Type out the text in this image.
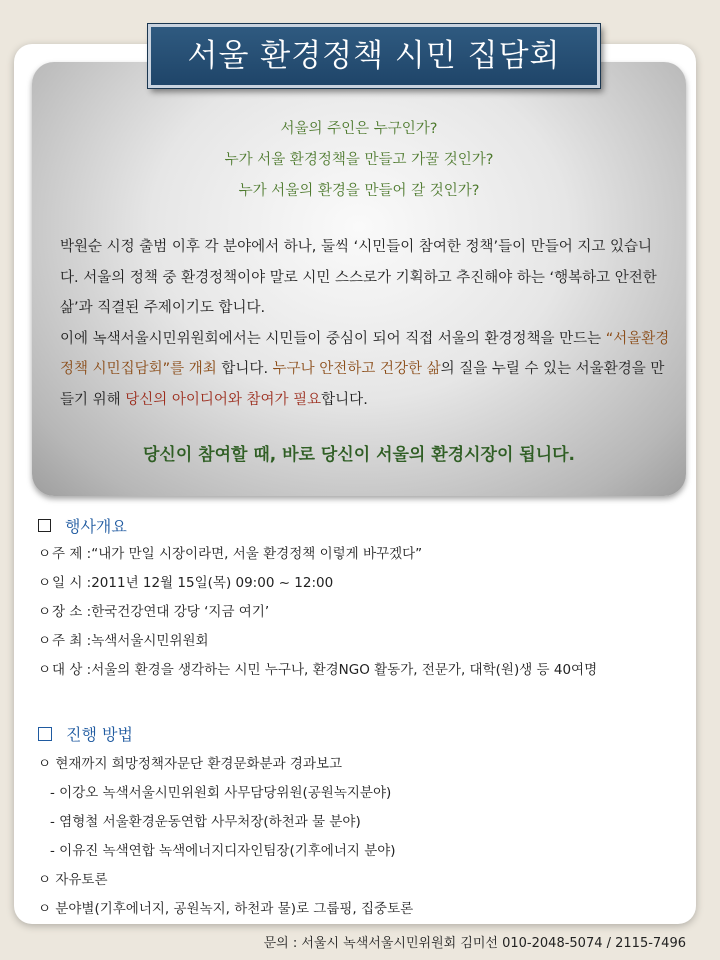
서울 환경정책 시민 집담회
서울의 주인은 누구인가?
누가 서울 환경정책을 만들고 가꿀 것인가?
누가 서울의 환경을 만들어 갈 것인가?

박원순 시정 출범 이후 각 분야에서 하나, 둘씩 ‘시민들이 참여한 정책’들이 만들어 지고 있습니다. 서울의 정책 중 환경정책이야 말로 시민 스스로가 기획하고 추진해야 하는 ‘행복하고 안전한 삶’과 직결된 주제이기도 합니다.

이에 녹색서울시민위원회에서는 시민들이 중심이 되어 직접 서울의 환경정책을 만드는 “서울환경정책 시민집담회”를 개최 합니다. 누구나 안전하고 건강한 삶의 질을 누릴 수 있는 서울환경을 만들기 위해 당신의 아이디어와 참여가 필요합니다.

당신이 참여할 때, 바로 당신이 서울의 환경시장이 됩니다.
행사개요
ㅇ 주 제 : “내가 만일 시장이라면, 서울 환경정책 이렇게 바꾸겠다”
ㅇ 일 시 : 2011년 12월 15일(목) 09:00 ~ 12:00
ㅇ 장 소 : 한국건강연대 강당 ‘지금 여기’
ㅇ 주 최 : 녹색서울시민위원회
ㅇ 대 상 : 서울의 환경을 생각하는 시민 누구나, 환경NGO 활동가, 전문가, 대학(원)생 등 40여명
진행 방법
ㅇ 현재까지 희망정책자문단 환경문화분과 경과보고
- 이강오 녹색서울시민위원회 사무담당위원(공원녹지분야)
- 염형철 서울환경운동연합 사무처장(하천과 물 분야)
- 이유진 녹색연합 녹색에너지디자인팀장(기후에너지 분야)
ㅇ 자유토론
ㅇ 분야별(기후에너지, 공원녹지, 하천과 물)로 그룹핑, 집중토론
문의 : 서울시 녹색서울시민위원회 김미선 010-2048-5074 / 2115-7496
